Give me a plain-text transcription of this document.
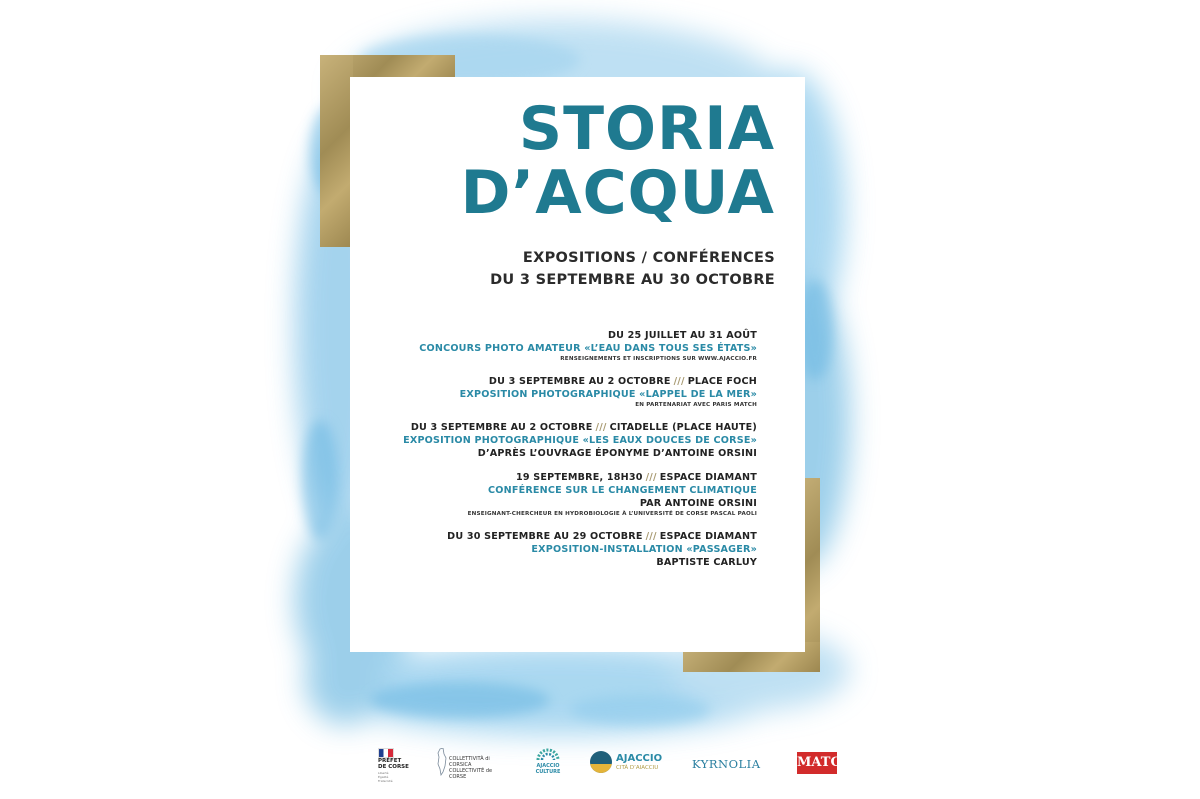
STORIA
D’ACQUA
EXPOSITIONS / CONFÉRENCES
DU 3 SEPTEMBRE AU 30 OCTOBRE
DU 25 JUILLET AU 31 AOÛT
CONCOURS PHOTO AMATEUR «L’EAU DANS TOUS SES ÉTATS»
RENSEIGNEMENTS ET INSCRIPTIONS SUR WWW.AJACCIO.FR
DU 3 SEPTEMBRE AU 2 OCTOBRE /// PLACE FOCH
EXPOSITION PHOTOGRAPHIQUE «LAPPEL DE LA MER»
EN PARTENARIAT AVEC PARIS MATCH
DU 3 SEPTEMBRE AU 2 OCTOBRE /// CITADELLE (PLACE HAUTE)
EXPOSITION PHOTOGRAPHIQUE «LES EAUX DOUCES DE CORSE»
D’APRÈS L’OUVRAGE ÉPONYME D’ANTOINE ORSINI
19 SEPTEMBRE, 18H30 /// ESPACE DIAMANT
CONFÉRENCE SUR LE CHANGEMENT CLIMATIQUE
PAR ANTOINE ORSINI
ENSEIGNANT-CHERCHEUR EN HYDROBIOLOGIE À L’UNIVERSITÉ DE CORSE PASCAL PAOLI
DU 30 SEPTEMBRE AU 29 OCTOBRE /// ESPACE DIAMANT
EXPOSITION-INSTALLATION «PASSAGER»
BAPTISTE CARLUY
PRÉFET
DE CORSE
Liberté
Égalité
Fraternité
COLLETTIVITÀ di CORSICA
COLLECTIVITÉ de CORSE
AJACCIO
CULTURE
AJACCIO
CITÀ D’AIACCIU	KYRNOLIA	MATCH
